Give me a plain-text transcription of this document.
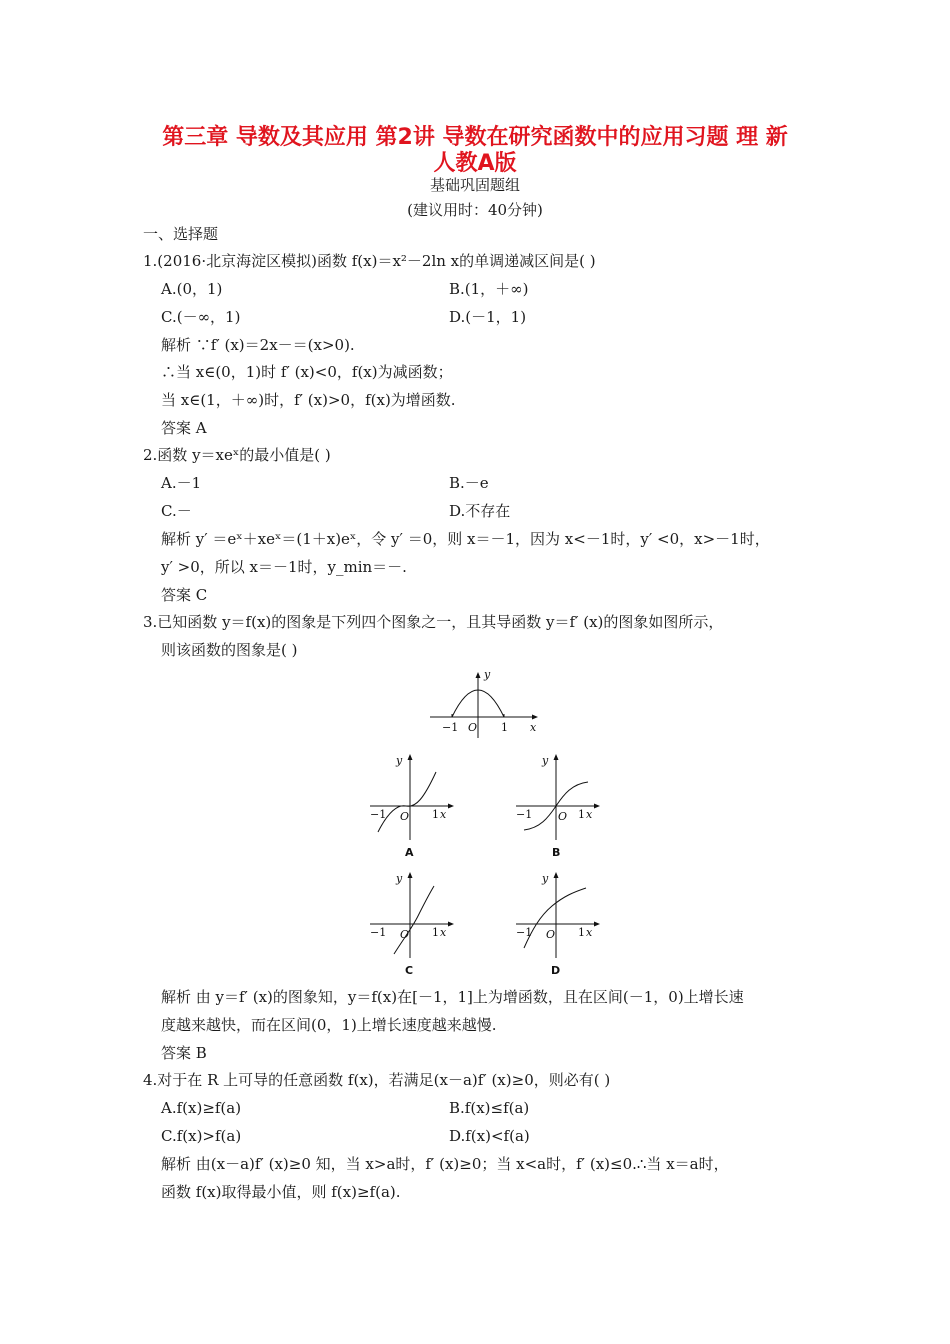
第三章 导数及其应用 第2讲 导数在研究函数中的应用习题 理 新
人教A版
基础巩固题组
(建议用时：40分钟)
一、选择题
1.(2016·北京海淀区模拟)函数 f(x)＝x²－2ln x的单调递减区间是( )
A.(0，1)	B.(1，＋∞)
C.(－∞，1)	D.(－1，1)
解析 ∵f′ (x)＝2x－＝(x>0).
∴当 x∈(0，1)时 f′ (x)<0，f(x)为减函数；
当 x∈(1，＋∞)时，f′ (x)>0，f(x)为增函数.
答案 A
2.函数 y＝xeˣ的最小值是( )
A.－1	B.－e
C.－	D.不存在
解析 y′ ＝eˣ＋xeˣ＝(1＋x)eˣ，令 y′ ＝0，则 x＝－1，因为 x<－1时，y′ <0，x>－1时，
y′ >0，所以 x＝－1时，y_min＝－.
答案 C
3.已知函数 y＝f(x)的图象是下列四个图象之一，且其导函数 y＝f′ (x)的图象如图所示，
则该函数的图象是( )
y
x
O
−1	1
y
x
O
−1	1
A
y
x
O
−1	1
B
y
x
O
−1	1
C
y
x
O
−1	1
D
解析 由 y＝f′ (x)的图象知，y＝f(x)在[－1，1]上为增函数，且在区间(－1，0)上增长速
度越来越快，而在区间(0，1)上增长速度越来越慢.
答案 B
4.对于在 R 上可导的任意函数 f(x)，若满足(x－a)f′ (x)≥0，则必有( )
A.f(x)≥f(a)	B.f(x)≤f(a)
C.f(x)>f(a)	D.f(x)<f(a)
解析 由(x－a)f′ (x)≥0 知，当 x>a时，f′ (x)≥0；当 x<a时，f′ (x)≤0.∴当 x＝a时，
函数 f(x)取得最小值，则 f(x)≥f(a).
